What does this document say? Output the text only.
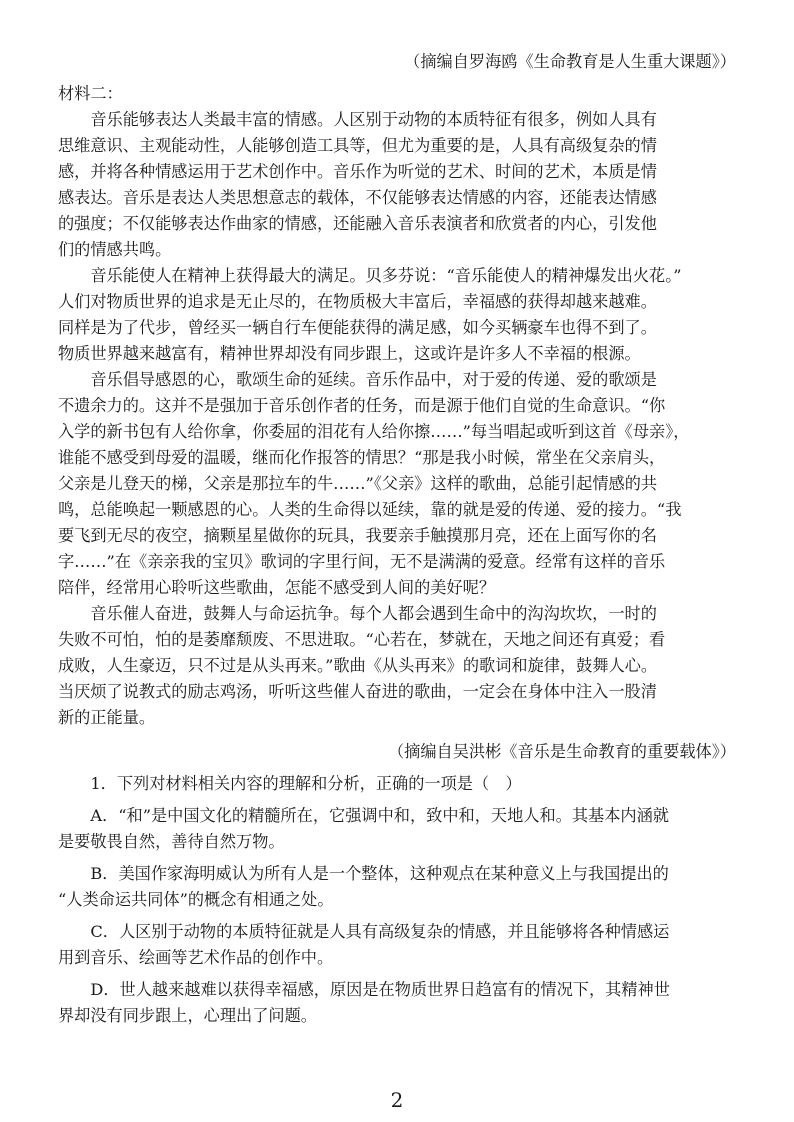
（摘编自罗海鸥《生命教育是人生重大课题》）
材料二：
　　音乐能够表达人类最丰富的情感。人区别于动物的本质特征有很多，例如人具有
思维意识、主观能动性，人能够创造工具等，但尤为重要的是，人具有高级复杂的情
感，并将各种情感运用于艺术创作中。音乐作为听觉的艺术、时间的艺术，本质是情
感表达。音乐是表达人类思想意志的载体，不仅能够表达情感的内容，还能表达情感
的强度；不仅能够表达作曲家的情感，还能融入音乐表演者和欣赏者的内心，引发他
们的情感共鸣。
　　音乐能使人在精神上获得最大的满足。贝多芬说：“音乐能使人的精神爆发出火花。”
人们对物质世界的追求是无止尽的，在物质极大丰富后，幸福感的获得却越来越难。
同样是为了代步，曾经买一辆自行车便能获得的满足感，如今买辆豪车也得不到了。
物质世界越来越富有，精神世界却没有同步跟上，这或许是许多人不幸福的根源。
　　音乐倡导感恩的心，歌颂生命的延续。音乐作品中，对于爱的传递、爱的歌颂是
不遗余力的。这并不是强加于音乐创作者的任务，而是源于他们自觉的生命意识。“你
入学的新书包有人给你拿，你委屈的泪花有人给你擦……”每当唱起或听到这首《母亲》，
谁能不感受到母爱的温暖，继而化作报答的情思？“那是我小时候，常坐在父亲肩头，
父亲是儿登天的梯，父亲是那拉车的牛……”《父亲》这样的歌曲，总能引起情感的共
鸣，总能唤起一颗感恩的心。人类的生命得以延续，靠的就是爱的传递、爱的接力。“我
要飞到无尽的夜空，摘颗星星做你的玩具，我要亲手触摸那月亮，还在上面写你的名
字……”在《亲亲我的宝贝》歌词的字里行间，无不是满满的爱意。经常有这样的音乐
陪伴，经常用心聆听这些歌曲，怎能不感受到人间的美好呢？
　　音乐催人奋进，鼓舞人与命运抗争。每个人都会遇到生命中的沟沟坎坎，一时的
失败不可怕，怕的是萎靡颓废、不思进取。“心若在，梦就在，天地之间还有真爱；看
成败，人生豪迈，只不过是从头再来。”歌曲《从头再来》的歌词和旋律，鼓舞人心。
当厌烦了说教式的励志鸡汤，听听这些催人奋进的歌曲，一定会在身体中注入一股清
新的正能量。
（摘编自吴洪彬《音乐是生命教育的重要载体》）
　　1．下列对材料相关内容的理解和分析，正确的一项是（　）
　　A．“和”是中国文化的精髓所在，它强调中和，致中和，天地人和。其基本内涵就
是要敬畏自然，善待自然万物。
　　B．美国作家海明威认为所有人是一个整体，这种观点在某种意义上与我国提出的
“人类命运共同体”的概念有相通之处。
　　C．人区别于动物的本质特征就是人具有高级复杂的情感，并且能够将各种情感运
用到音乐、绘画等艺术作品的创作中。
　　D．世人越来越难以获得幸福感，原因是在物质世界日趋富有的情况下，其精神世
界却没有同步跟上，心理出了问题。
2
